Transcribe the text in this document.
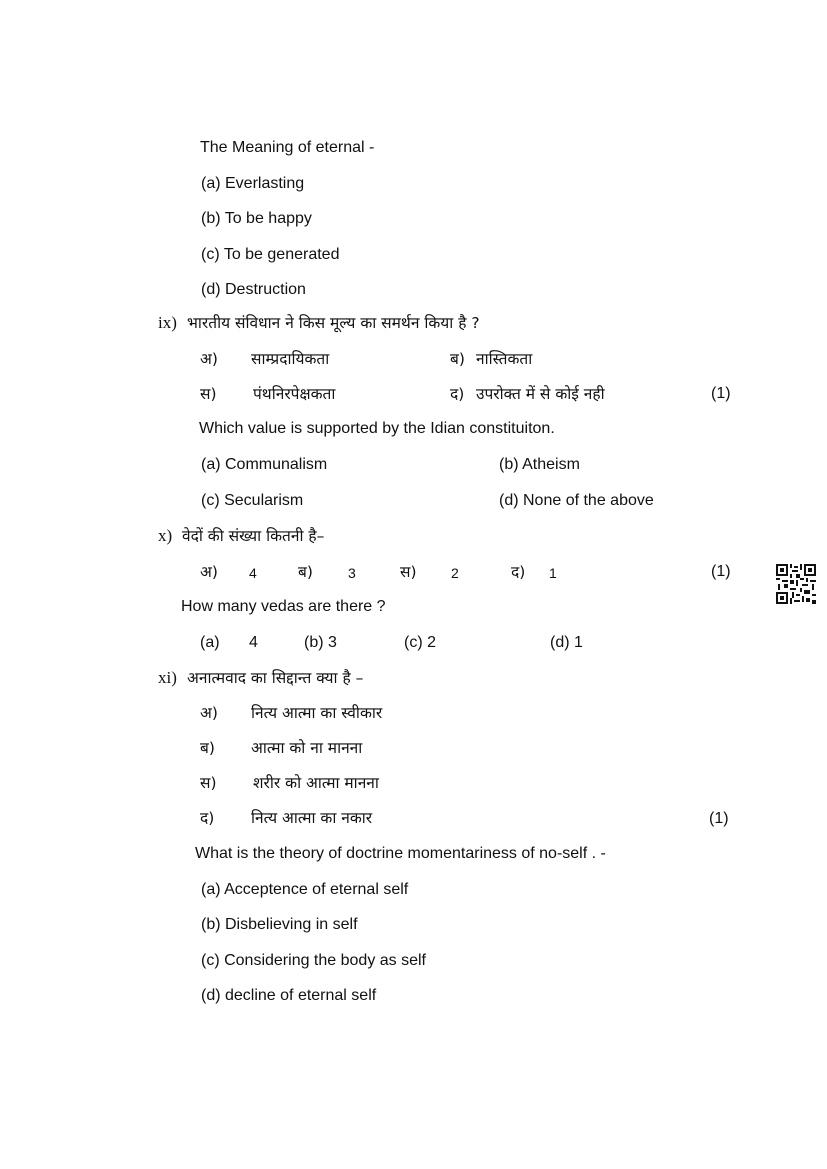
The Meaning of eternal -
(a) Everlasting
(b) To be happy
(c) To be generated
(d) Destruction
ix) भारतीय संविधान ने किस मूल्य का समर्थन किया है ?
अ) साम्प्रदायिकता	ब) नास्तिकता
स) पंथनिरपेक्षकता	द) उपरोक्त में से कोई नही	(1)
Which value is supported by the Idian constituiton.
(a) Communalism	(b) Atheism
(c) Secularism	(d) None of the above
x) वेदों की संख्या कितनी है–
अ) 4	ब)	3	स) 2	द) 1	(1)
How many vedas are there ?
(a) 4	(b) 3	(c) 2	(d) 1
xi) अनात्मवाद का सिद्दान्त क्या है –
अ) नित्य आत्मा का स्वीकार
ब) आत्मा को ना मानना
स) शरीर को आत्मा मानना
द) नित्य आत्मा का नकार	(1)
What is the theory of doctrine momentariness of no-self . -
(a) Acceptence of eternal self
(b) Disbelieving in self
(c) Considering the body as self
(d) decline of eternal self
